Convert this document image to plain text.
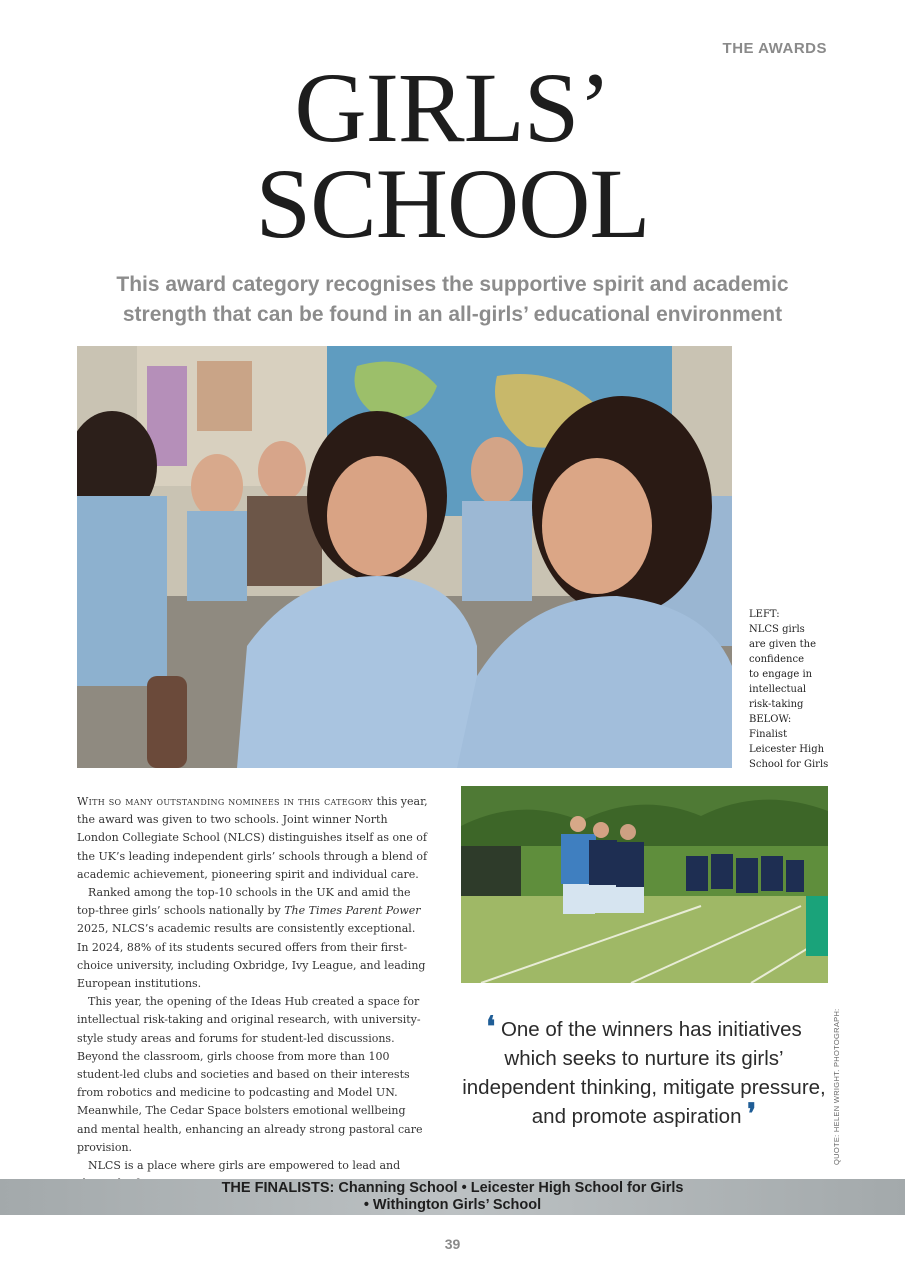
THE AWARDS
GIRLS’
SCHOOL
This award category recognises the supportive spirit and academic
strength that can be found in an all-girls’ educational environment
LEFT:
NLCS girls
are given the
confidence
to engage in
intellectual
risk-taking
BELOW:
Finalist
Leicester High
School for Girls

With so many outstanding nominees in this category this year, the award was given to two schools. Joint winner North London Collegiate School (NLCS) distinguishes itself as one of the UK’s leading independent girls’ schools through a blend of academic achievement, pioneering spirit and individual care.

Ranked among the top-10 schools in the UK and amid the top-three girls’ schools nationally by The Times Parent Power 2025, NLCS’s academic results are consistently exceptional. In 2024, 88% of its students secured offers from their first-choice university, including Oxbridge, Ivy League, and leading European institutions.

This year, the opening of the Ideas Hub created a space for intellectual risk-taking and original research, with university-style study areas and forums for student-led discussions. Beyond the classroom, girls choose from more than 100 student-led clubs and societies and based on their interests from robotics and medicine to podcasting and Model UN. Meanwhile, The Cedar Space bolsters emotional wellbeing and mental health, enhancing an already strong pastoral care provision.

NLCS is a place where girls are empowered to lead and

❛ One of the winners has initiatives which seeks to nurture its girls’ independent thinking, mitigate pressure, and promote aspiration ❜	QUOTE: HELEN WRIGHT. PHOTOGRAPH:
THE FINALISTS: Channing School • Leicester High School for Girls
• Withington Girls’ School
39
